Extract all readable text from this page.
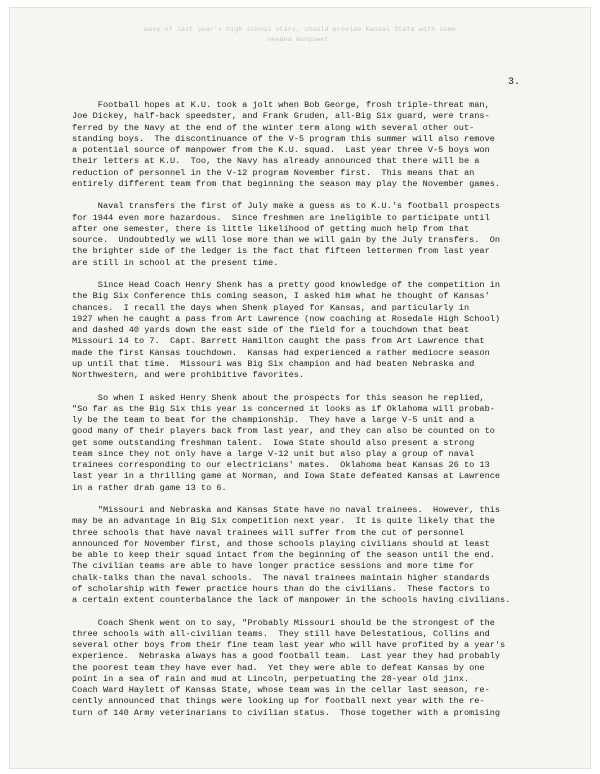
wavy of last year's high school stars, should provide Kansas State with some
needed manpower.
3.
Football hopes at K.U. took a jolt when Bob George, frosh triple-threat man,
Joe Dickey, half-back speedster, and Frank Gruden, all-Big Six guard, were trans-
ferred by the Navy at the end of the winter term along with several other out-
standing boys.  The discontinuance of the V-5 program this summer will also remove
a potential source of manpower from the K.U. squad.  Last year three V-5 boys won
their letters at K.U.  Too, the Navy has already announced that there will be a
reduction of personnel in the V-12 program November first.  This means that an
entirely different team from that beginning the season may play the November games.
Naval transfers the first of July make a guess as to K.U.'s football prospects
for 1944 even more hazardous.  Since freshmen are ineligible to participate until
after one semester, there is little likelihood of getting much help from that
source.  Undoubtedly we will lose more than we will gain by the July transfers.  On
the brighter side of the ledger is the fact that fifteen lettermen from last year
are still in school at the present time.
Since Head Coach Henry Shenk has a pretty good knowledge of the competition in
the Big Six Conference this coming season, I asked him what he thought of Kansas'
chances.  I recall the days when Shenk played for Kansas, and particularly in
1927 when he caught a pass from Art Lawrence (now coaching at Rosedale High School)
and dashed 40 yards down the east side of the field for a touchdown that beat
Missouri 14 to 7.  Capt. Barrett Hamilton caught the pass from Art Lawrence that
made the first Kansas touchdown.  Kansas had experienced a rather mediocre season
up until that time.  Missouri was Big Six champion and had beaten Nebraska and
Northwestern, and were prohibitive favorites.
So when I asked Henry Shenk about the prospects for this season he replied,
"So far as the Big Six this year is concerned it looks as if Oklahoma will probab-
ly be the team to beat for the championship.  They have a large V-5 unit and a
good many of their players back from last year, and they can also be counted on to
get some outstanding freshman talent.  Iowa State should also present a strong
team since they not only have a large V-12 unit but also play a group of naval
trainees corresponding to our electricians' mates.  Oklahoma beat Kansas 26 to 13
last year in a thrilling game at Norman, and Iowa State defeated Kansas at Lawrence
in a rather drab game 13 to 6.
"Missouri and Nebraska and Kansas State have no naval trainees.  However, this
may be an advantage in Big Six competition next year.  It is quite likely that the
three schools that have naval trainees will suffer from the cut of personnel
announced for November first, and those schools playing civilians should at least
be able to keep their squad intact from the beginning of the season until the end.
The civilian teams are able to have longer practice sessions and more time for
chalk-talks than the naval schools.  The naval trainees maintain higher standards
of scholarship with fewer practice hours than do the civilians.  These factors to
a certain extent counterbalance the lack of manpower in the schools having civilians.
Coach Shenk went on to say, "Probably Missouri should be the strongest of the
three schools with all-civilian teams.  They still have Delestatious, Collins and
several other boys from their fine team last year who will have profited by a year's
experience.  Nebraska always has a good football team.  Last year they had probably
the poorest team they have ever had.  Yet they were able to defeat Kansas by one
point in a sea of rain and mud at Lincoln, perpetuating the 28-year old jinx.
Coach Ward Haylett of Kansas State, whose team was in the cellar last season, re-
cently announced that things were looking up for football next year with the re-
turn of 140 Army veterinarians to civilian status.  Those together with a promising
